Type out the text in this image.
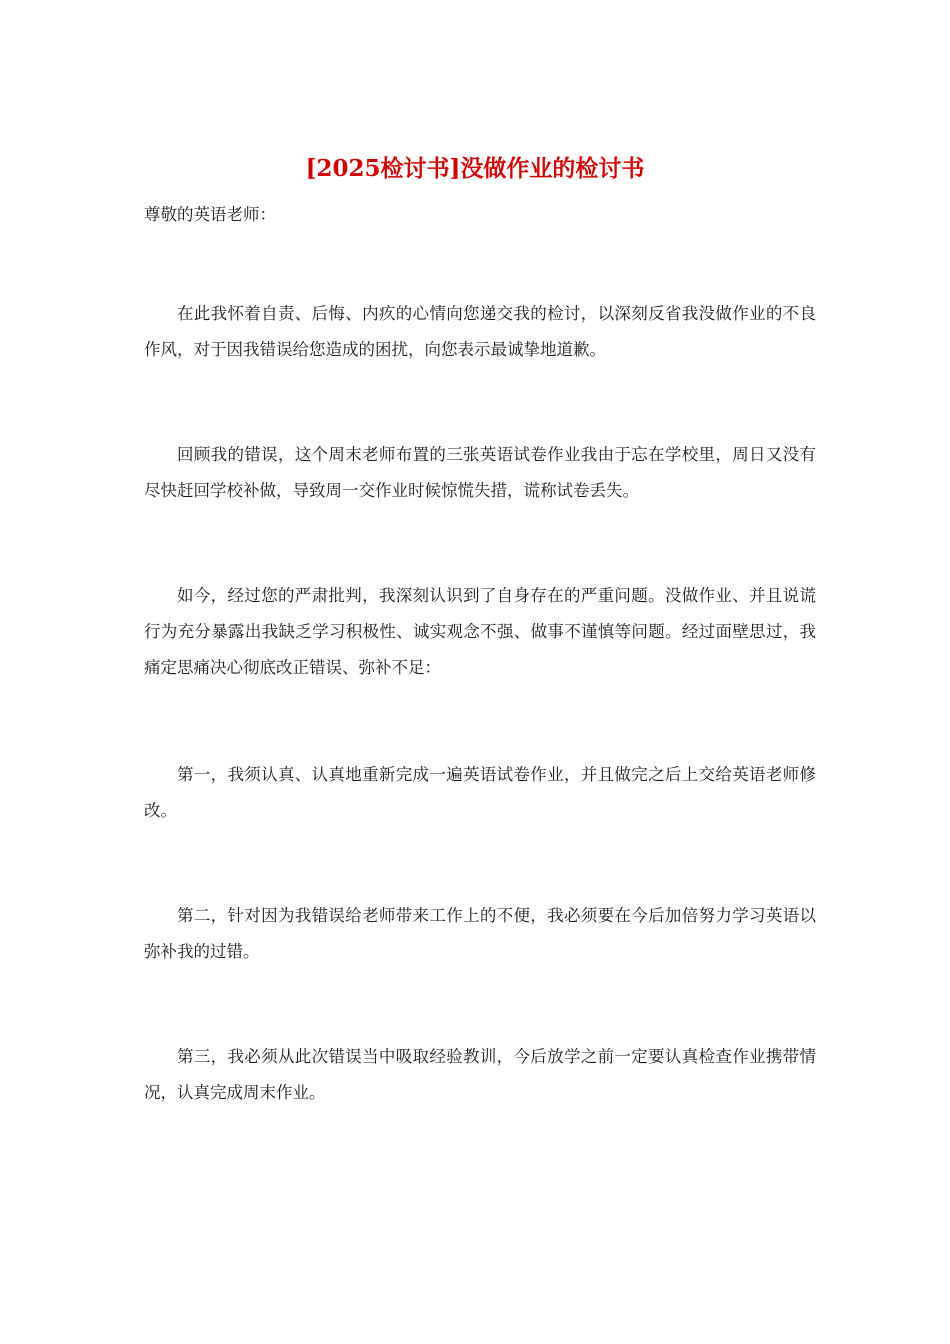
[2025检讨书]没做作业的检讨书

尊敬的英语老师：

在此我怀着自责、后悔、内疚的心情向您递交我的检讨，以深刻反省我没做作业的不良作风，对于因我错误给您造成的困扰，向您表示最诚挚地道歉。

回顾我的错误，这个周末老师布置的三张英语试卷作业我由于忘在学校里，周日又没有尽快赶回学校补做，导致周一交作业时候惊慌失措，谎称试卷丢失。

如今，经过您的严肃批判，我深刻认识到了自身存在的严重问题。没做作业、并且说谎行为充分暴露出我缺乏学习积极性、诚实观念不强、做事不谨慎等问题。经过面壁思过，我痛定思痛决心彻底改正错误、弥补不足：

第一，我须认真、认真地重新完成一遍英语试卷作业，并且做完之后上交给英语老师修改。

第二，针对因为我错误给老师带来工作上的不便，我必须要在今后加倍努力学习英语以弥补我的过错。

第三，我必须从此次错误当中吸取经验教训，今后放学之前一定要认真检查作业携带情况，认真完成周末作业。
